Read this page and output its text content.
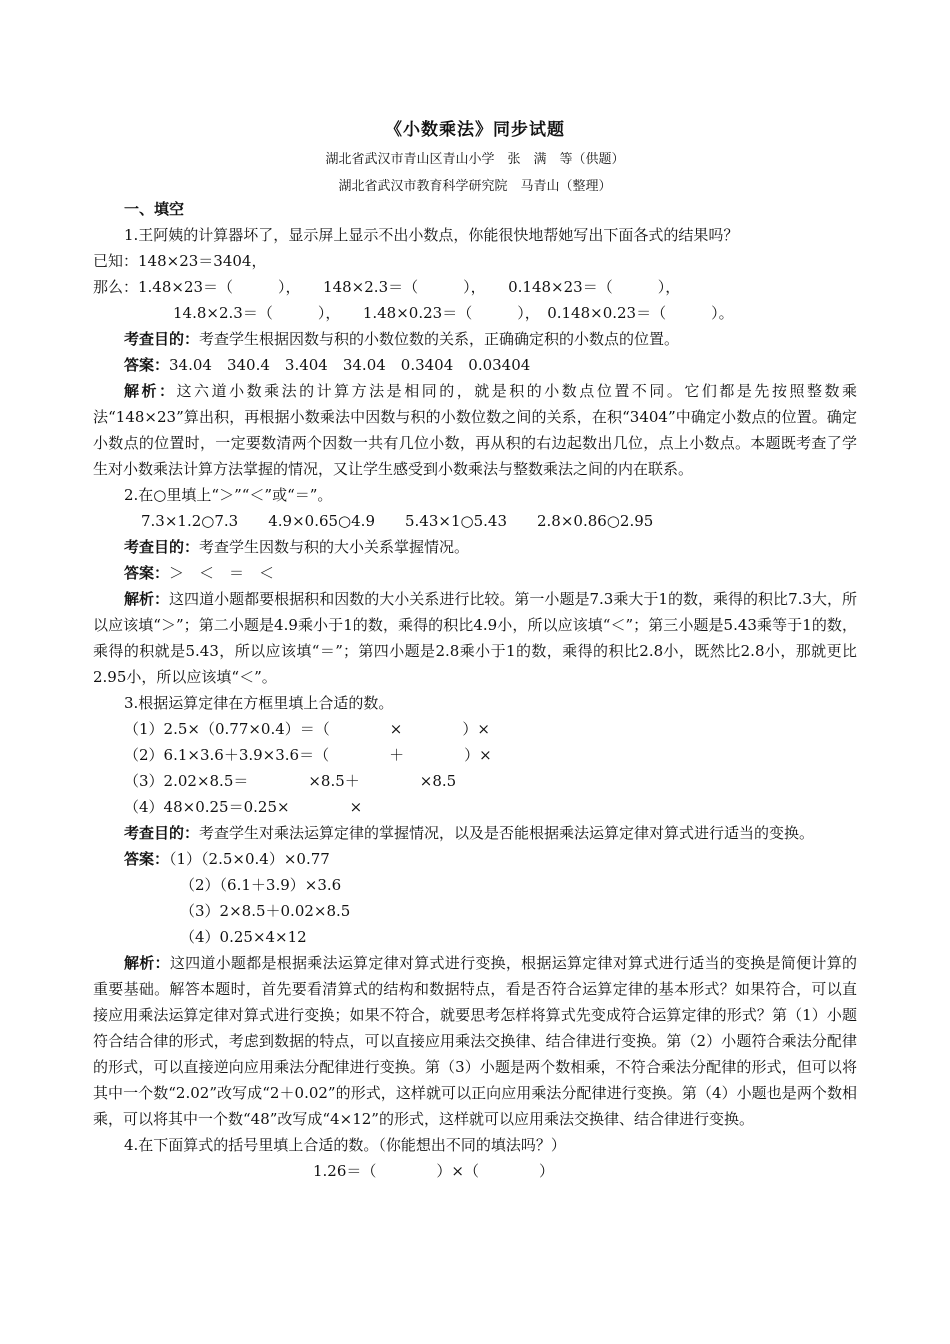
《小数乘法》同步试题
湖北省武汉市青山区青山小学　张　满　等（供题）
湖北省武汉市教育科学研究院　马青山（整理）
一、填空
1.王阿姨的计算器坏了，显示屏上显示不出小数点，你能很快地帮她写出下面各式的结果吗？
已知：148×23＝3404，
那么：1.48×23＝（　　　），　　148×2.3＝（　　　），　　0.148×23＝（　　　），
14.8×2.3＝（　　　），　　1.48×0.23＝（　　　），　0.148×0.23＝（　　　）。
考查目的：考查学生根据因数与积的小数位数的关系，正确确定积的小数点的位置。
答案：34.04　340.4　3.404　34.04　0.3404　0.03404
解析：这六道小数乘法的计算方法是相同的，就是积的小数点位置不同。它们都是先按照整数乘法“148×23”算出积，再根据小数乘法中因数与积的小数位数之间的关系，在积“3404”中确定小数点的位置。确定小数点的位置时，一定要数清两个因数一共有几位小数，再从积的右边起数出几位，点上小数点。本题既考查了学生对小数乘法计算方法掌握的情况，又让学生感受到小数乘法与整数乘法之间的内在联系。
2.在○里填上“＞”“＜”或“＝”。
7.3×1.2○7.3　　4.9×0.65○4.9　　5.43×1○5.43　　2.8×0.86○2.95
考查目的：考查学生因数与积的大小关系掌握情况。
答案：＞　＜　＝　＜
解析：这四道小题都要根据积和因数的大小关系进行比较。第一小题是7.3乘大于1的数，乘得的积比7.3大，所以应该填“＞”；第二小题是4.9乘小于1的数，乘得的积比4.9小，所以应该填“＜”；第三小题是5.43乘等于1的数，乘得的积就是5.43，所以应该填“＝”；第四小题是2.8乘小于1的数，乘得的积比2.8小，既然比2.8小，那就更比2.95小，所以应该填“＜”。
3.根据运算定律在方框里填上合适的数。
（1）2.5×（0.77×0.4）＝（　　　　×　　　　）×
（2）6.1×3.6＋3.9×3.6＝（　　　　＋　　　　）×
（3）2.02×8.5＝　　　　×8.5＋　　　　×8.5
（4）48×0.25＝0.25×　　　　×
考查目的：考查学生对乘法运算定律的掌握情况，以及是否能根据乘法运算定律对算式进行适当的变换。
答案：（1）（2.5×0.4）×0.77
（2）（6.1＋3.9）×3.6
（3）2×8.5＋0.02×8.5
（4）0.25×4×12
解析：这四道小题都是根据乘法运算定律对算式进行变换，根据运算定律对算式进行适当的变换是简便计算的重要基础。解答本题时，首先要看清算式的结构和数据特点，看是否符合运算定律的基本形式？如果符合，可以直接应用乘法运算定律对算式进行变换；如果不符合，就要思考怎样将算式先变成符合运算定律的形式？第（1）小题符合结合律的形式，考虑到数据的特点，可以直接应用乘法交换律、结合律进行变换。第（2）小题符合乘法分配律的形式，可以直接逆向应用乘法分配律进行变换。第（3）小题是两个数相乘，不符合乘法分配律的形式，但可以将其中一个数“2.02”改写成“2＋0.02”的形式，这样就可以正向应用乘法分配律进行变换。第（4）小题也是两个数相乘，可以将其中一个数“48”改写成“4×12”的形式，这样就可以应用乘法交换律、结合律进行变换。
4.在下面算式的括号里填上合适的数。（你能想出不同的填法吗？）
1.26＝（　　　　）×（　　　　）
